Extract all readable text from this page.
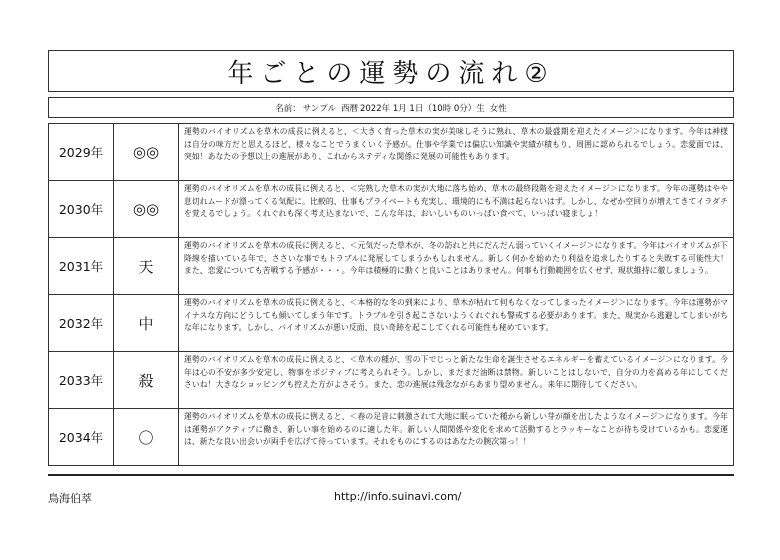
年ごとの運勢の流れ②
名前： サンプル 西暦 2022年 1月 1日（10時 0分）生 女性
2029年	◎◎	運勢のバイオリズムを草木の成長に例えると、＜大きく育った草木の実が美味しそうに熟れ、草木の最盛期を迎えたイメージ＞になります。今年は神様は自分の味方だと思えるほど、様々なことでうまくいく予感が。仕事や学業では偏広い知識や実績が積もり、周囲に認められるでしょう。恋愛面では、突如！あなたの予想以上の進展があり、これからステディな関係に発展の可能性もあります。
2030年	◎◎	運勢のバイオリズムを草木の成長に例えると、＜完熟した草木の実が大地に落ち始め、草木の最終段階を迎えたイメージ＞になります。今年の運勢はやや息切れムードが漂ってくる気配に。比較的、仕事もプライベートも充実し、環境的にも不満は起らないはず。しかし、なぜか空回りが増えてきてイラダチを覚えるでしょう。くれぐれも深く考え込まないで、こんな年は、おいしいものいっぱい食べて、いっぱい寝ましょ！
2031年	天	運勢のバイオリズムを草木の成長に例えると、＜元気だった草木が、冬の訪れと共にだんだん弱っていくイメージ＞になります。今年はバイオリズムが下降線を描いている年で、ささいな事でもトラブルに発展してしまうかもしれません。新しく何かを始めたり利益を追求したりすると失敗する可能性大！また、恋愛についても苦戦する予感が・・・。今年は積極的に動くと良いことはありません。何事も行動範囲を広くせず、現状維持に徹しましょう。
2032年	中	運勢のバイオリズムを草木の成長に例えると、＜本格的な冬の到来により、草木が枯れて何もなくなってしまったイメージ＞になります。今年は運勢がマイナスな方向にどうしても傾いてしまう年です。トラブルを引き起こさないようくれぐれも警戒する必要があります。また、現実から逃避してしまいがちな年になります。しかし、バイオリズムが悪い反面、良い奇跡を起こしてくれる可能性も秘めています。
2033年	殺	運勢のバイオリズムを草木の成長に例えると、＜草木の種が、雪の下でじっと新たな生命を誕生させるエネルギーを蓄えているイメージ＞になります。今年は心の不安が多少安定し、物事をポジティブに考えられそう。しかし、まだまだ油断は禁物。新しいことはしないで、自分の力を高める年にしてくださいね！大きなショッピングも控えた方がよさそう。また、恋の進展は残念ながらあまり望めません。来年に期待してください。
2034年	〇	運勢のバイオリズムを草木の成長に例えると、＜春の足音に刺激されて大地に眠っていた種から新しい芽が顔を出したようなイメージ＞になります。今年は運勢がアクティブに働き、新しい事を始めるのに適した年。新しい人間関係や変化を求めて活動するとラッキーなことが待ち受けているかも。恋愛運は、新たな良い出会いが両手を広げて待っています。それをものにするのはあなたの腕次第っ！！
鳥海伯萃	http://info.suinavi.com/
